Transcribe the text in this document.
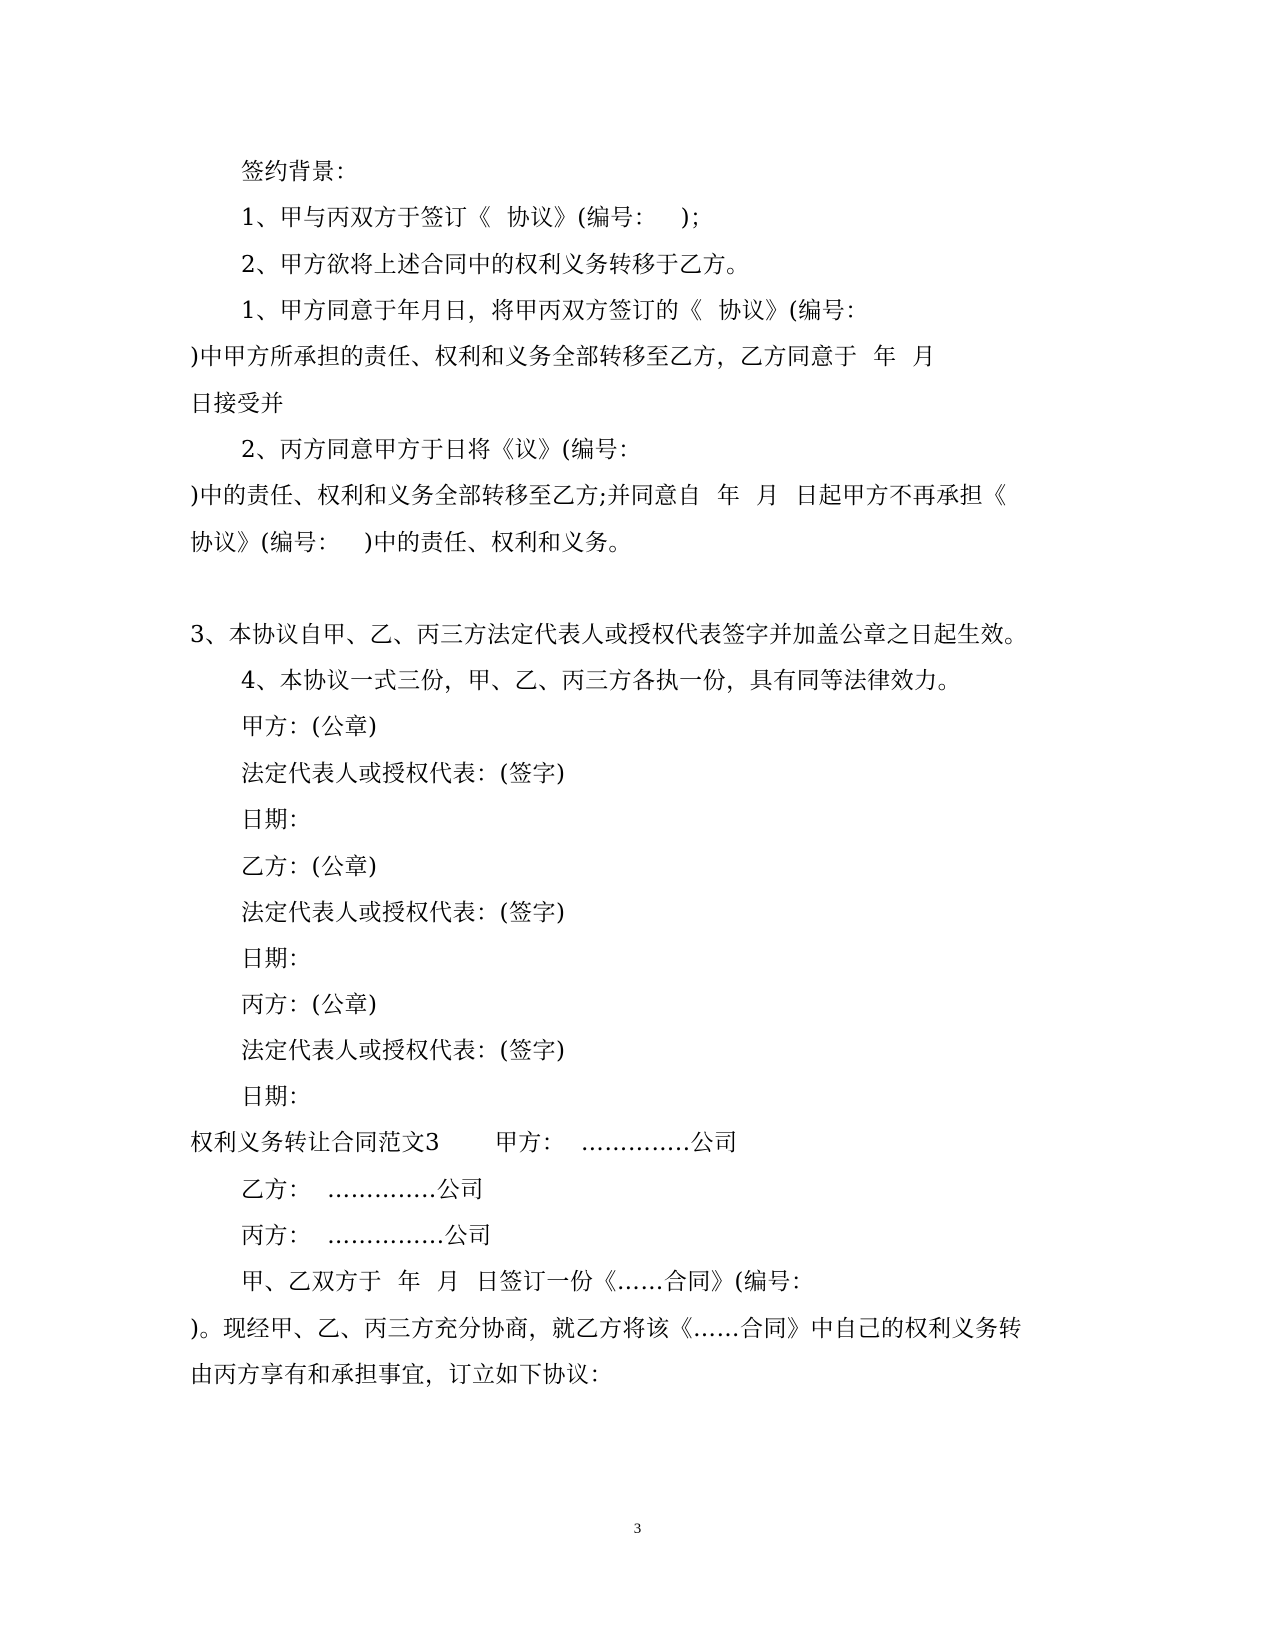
签约背景：
1、甲与丙双方于签订《  协议》(编号：   )；
2、甲方欲将上述合同中的权利义务转移于乙方。
1、甲方同意于年月日，将甲丙双方签订的《  协议》(编号：
)中甲方所承担的责任、权利和义务全部转移至乙方，乙方同意于  年  月
日接受并
2、丙方同意甲方于日将《议》(编号：
)中的责任、权利和义务全部转移至乙方;并同意自  年  月  日起甲方不再承担《
协议》(编号：   )中的责任、权利和义务。
3、本协议自甲、乙、丙三方法定代表人或授权代表签字并加盖公章之日起生效。
4、本协议一式三份，甲、乙、丙三方各执一份，具有同等法律效力。
甲方：(公章)
法定代表人或授权代表：(签字)
日期：
乙方：(公章)
法定代表人或授权代表：(签字)
日期：
丙方：(公章)
法定代表人或授权代表：(签字)
日期：
权利义务转让合同范文3       甲方：  …………..公司
乙方：  …………..公司
丙方：  …………...公司
甲、乙双方于  年  月  日签订一份《……合同》(编号：
)。现经甲、乙、丙三方充分协商，就乙方将该《……合同》中自己的权利义务转
由丙方享有和承担事宜，订立如下协议：
3
